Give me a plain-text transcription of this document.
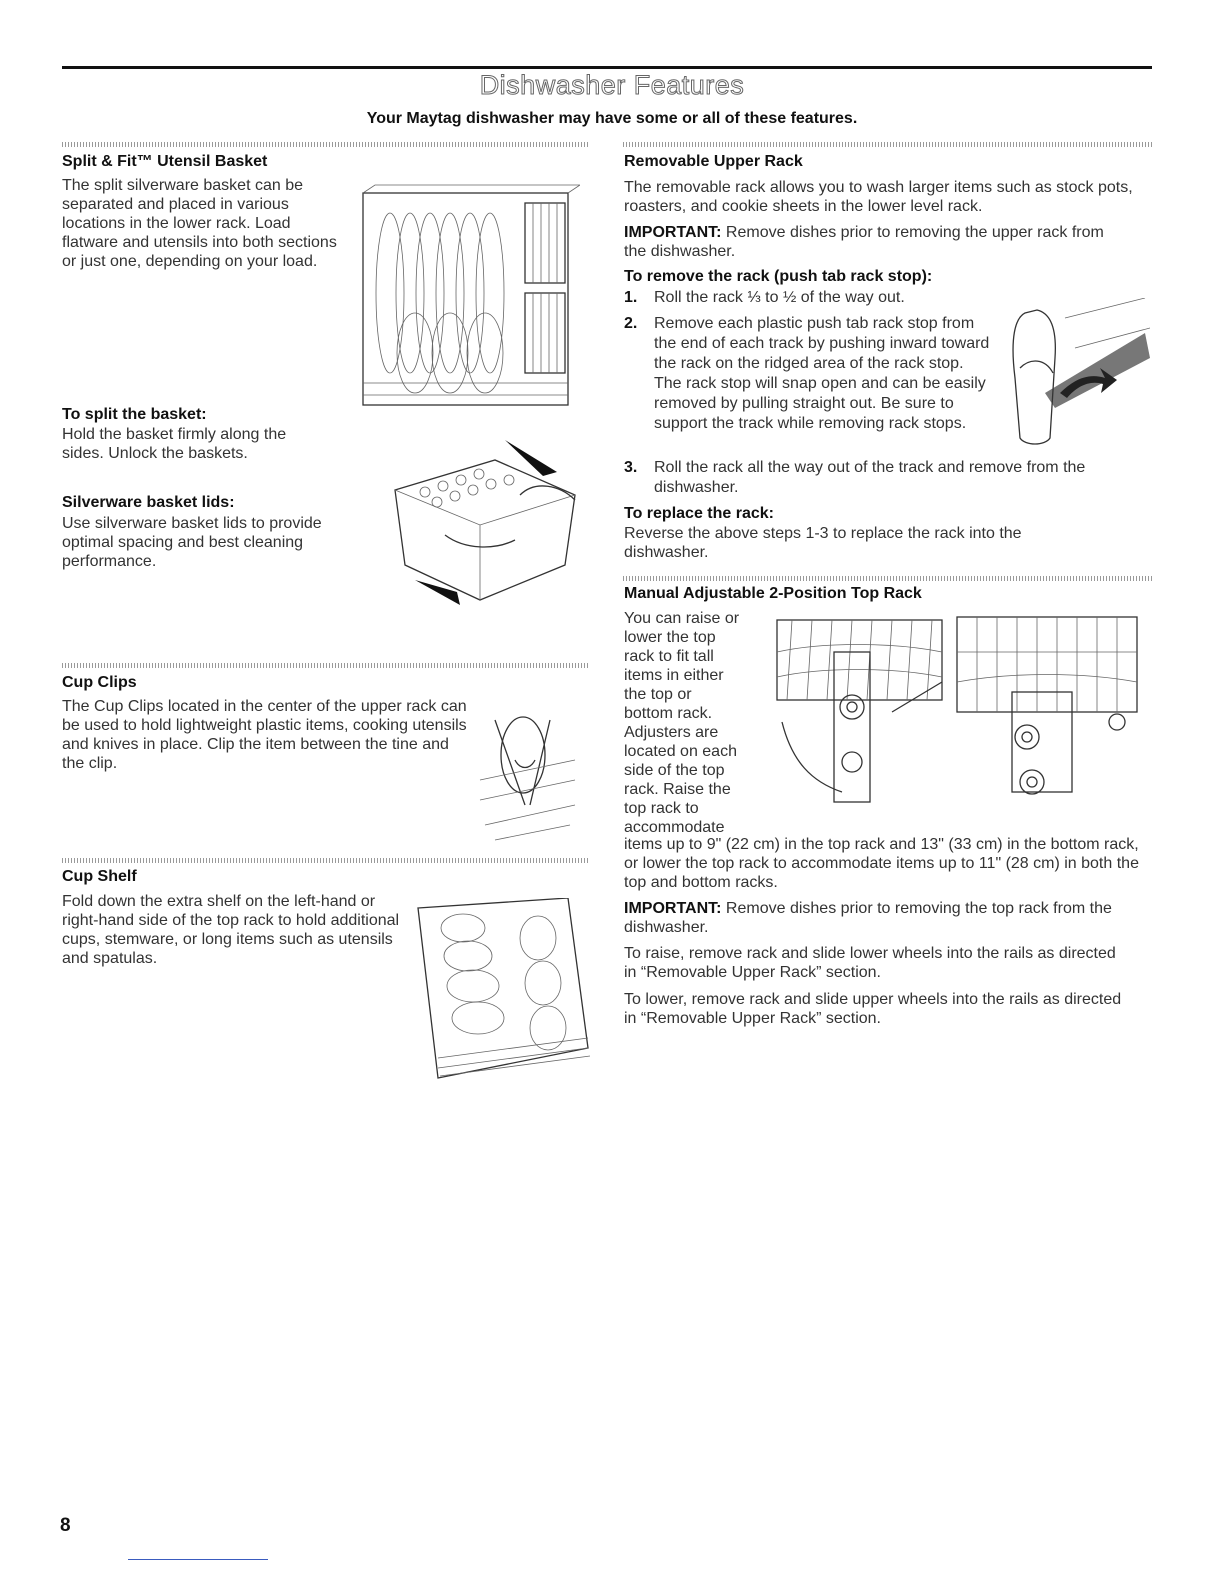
Dishwasher Features
Your Maytag dishwasher may have some or all of these features.
Split & Fit™ Utensil Basket

The split silverware basket can be separated and placed in various locations in the lower rack. Load flatware and utensils into both sections or just one, depending on your load.

To split the basket:

Hold the basket firmly along the sides. Unlock the baskets.

Silverware basket lids:

Use silverware basket lids to provide optimal spacing and best cleaning performance.

Cup Clips

The Cup Clips located in the center of the upper rack can be used to hold lightweight plastic items, cooking utensils and knives in place. Clip the item between the tine and the clip.

Cup Shelf

Fold down the extra shelf on the left-hand or right-hand side of the top rack to hold additional cups, stemware, or long items such as utensils and spatulas.

Removable Upper Rack

The removable rack allows you to wash larger items such as stock pots, roasters, and cookie sheets in the lower level rack.

IMPORTANT: Remove dishes prior to removing the upper rack from the dishwasher.

To remove the rack (push tab rack stop):
1. Roll the rack ⅓ to ½ of the way out.
2. Remove each plastic push tab rack stop from the end of each track by pushing inward toward the rack on the ridged area of the rack stop. The rack stop will snap open and can be easily removed by pulling straight out. Be sure to support the track while removing rack stops.
3. Roll the rack all the way out of the track and remove from the dishwasher.
To replace the rack:

Reverse the above steps 1-3 to replace the rack into the dishwasher.

Manual Adjustable 2-Position Top Rack
You can raise or
lower the top
rack to fit tall
items in either
the top or
bottom rack.
Adjusters are
located on each
side of the top
rack. Raise the
top rack to
accommodate

items up to 9" (22 cm) in the top rack and 13" (33 cm) in the bottom rack, or lower the top rack to accommodate items up to 11" (28 cm) in both the top and bottom racks.

IMPORTANT: Remove dishes prior to removing the top rack from the dishwasher.

To raise, remove rack and slide lower wheels into the rails as directed in “Removable Upper Rack” section.

To lower, remove rack and slide upper wheels into the rails as directed in “Removable Upper Rack” section.

8
